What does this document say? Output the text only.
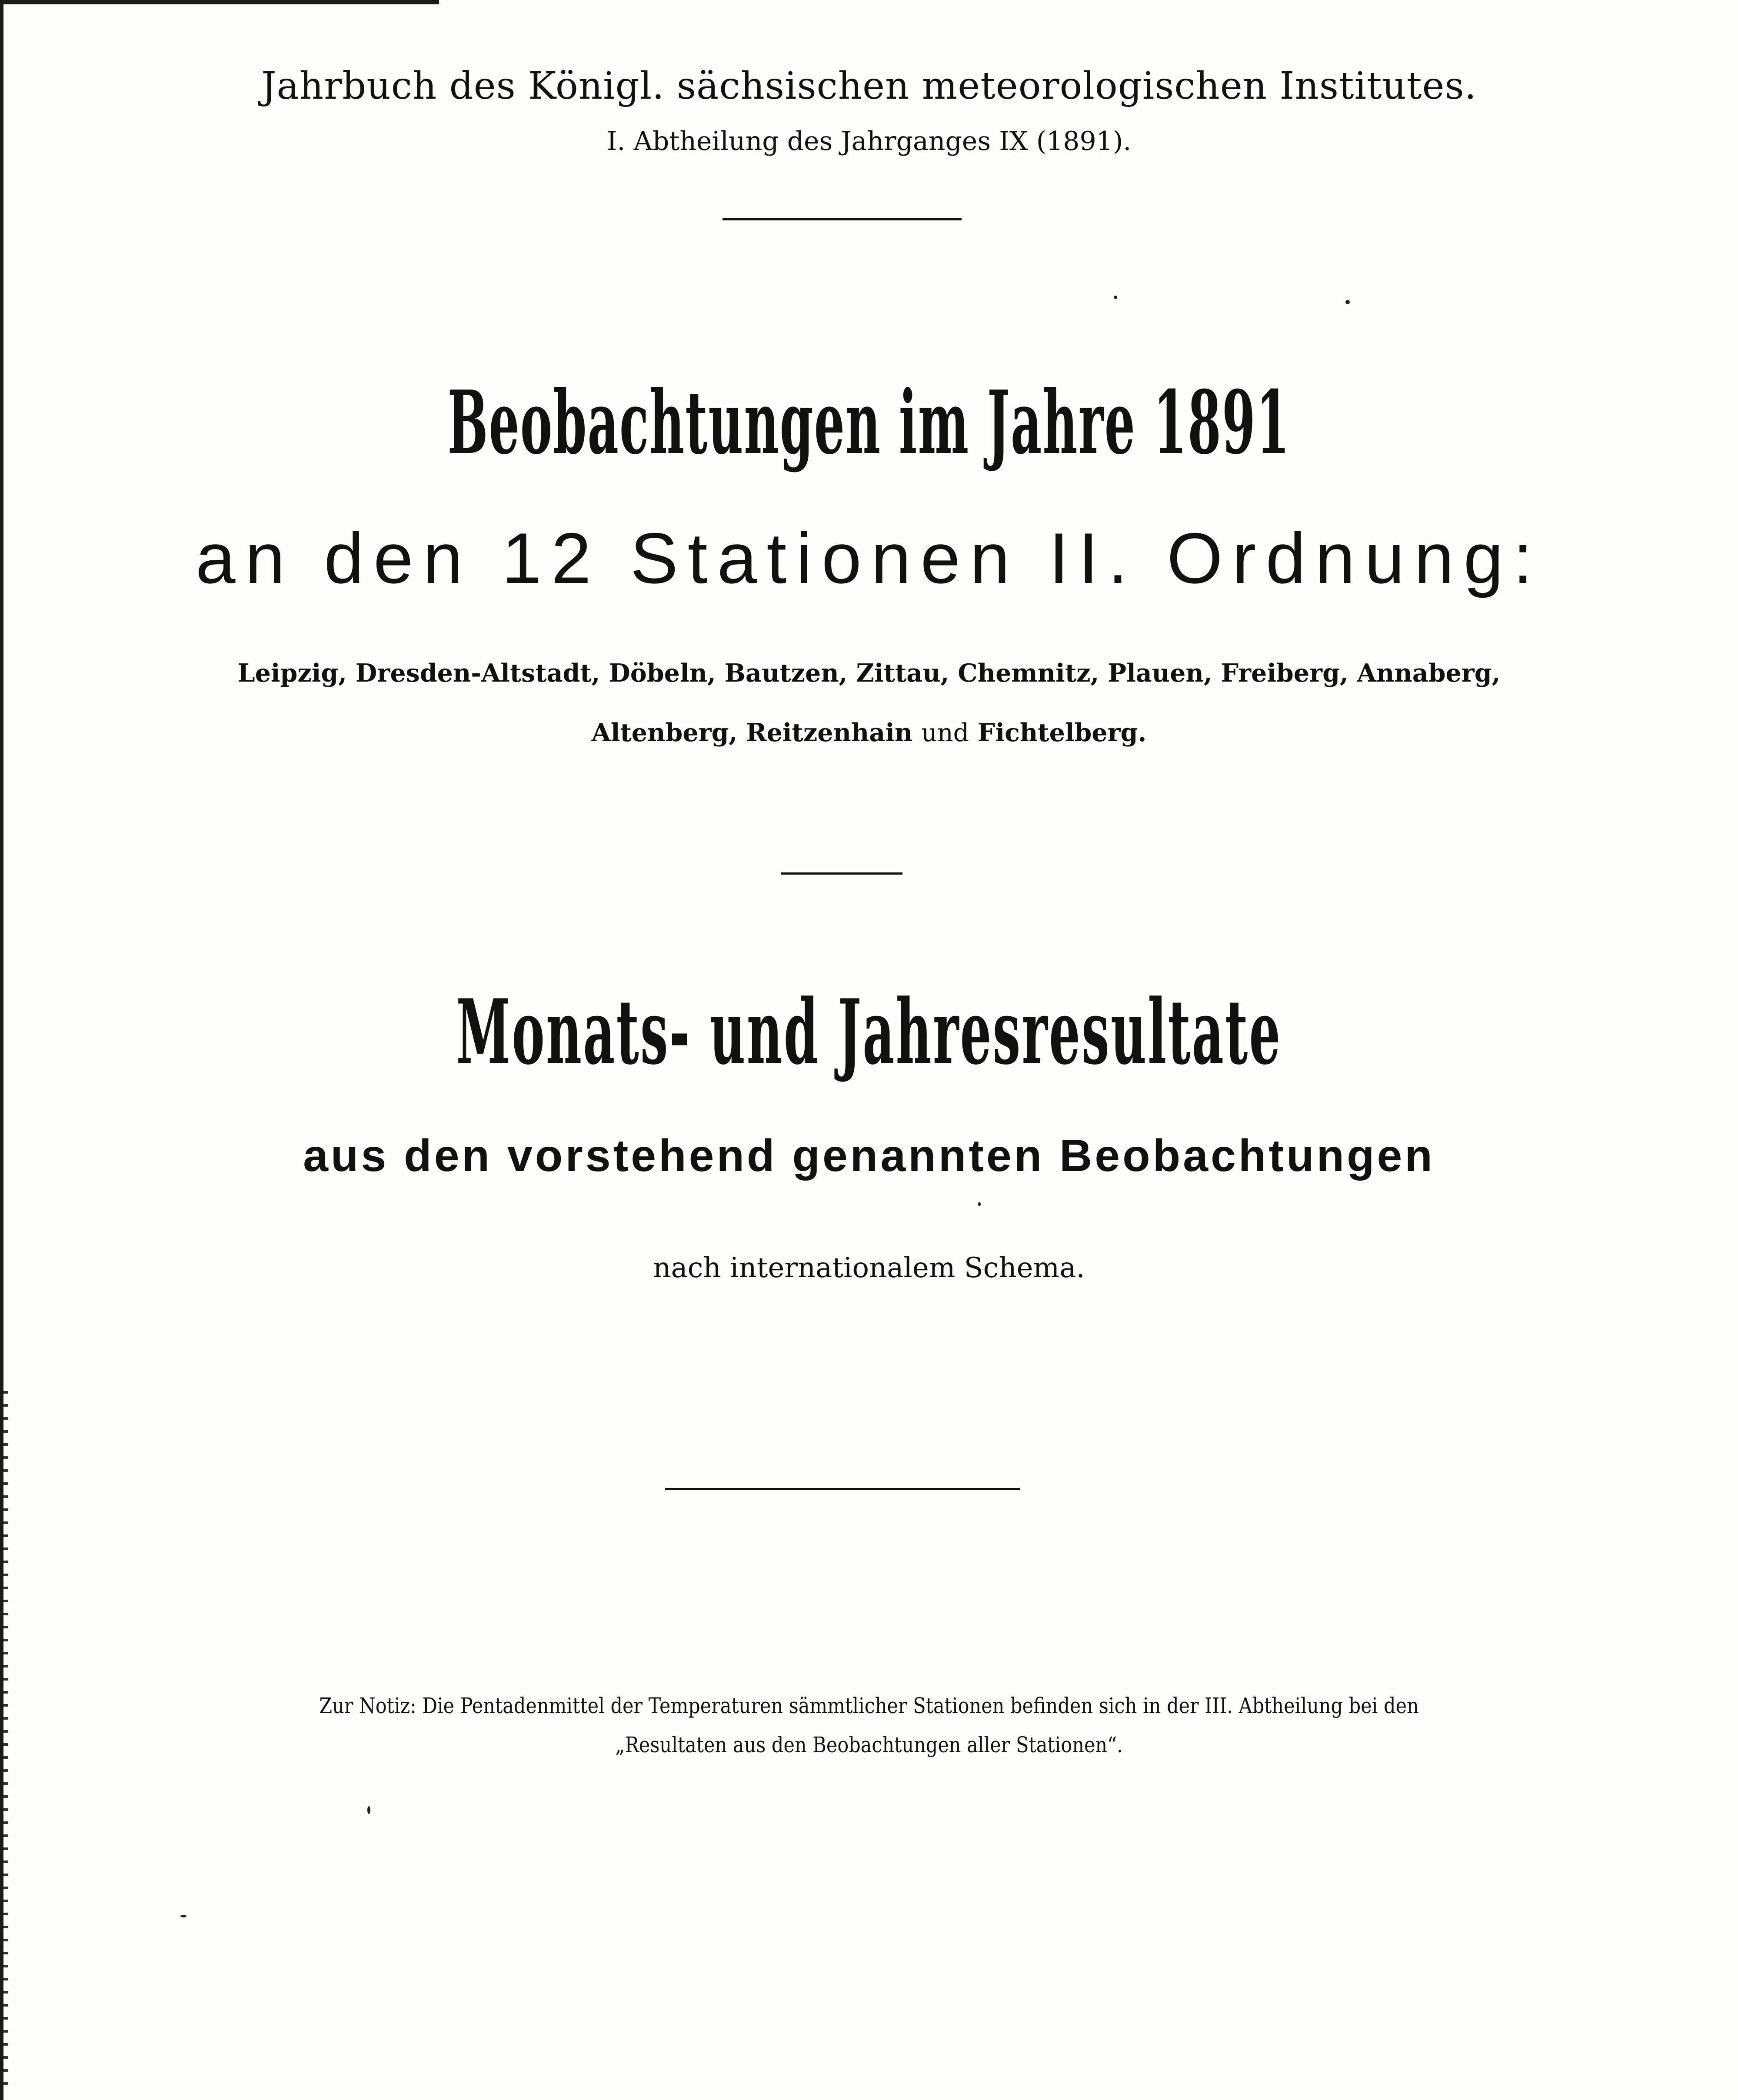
Jahrbuch des Königl. sächsischen meteorologischen Institutes.
I. Abtheilung des Jahrganges IX (1891).
Beobachtungen im Jahre 1891
an den 12 Stationen II. Ordnung:
Leipzig, Dresden-Altstadt, Döbeln, Bautzen, Zittau, Chemnitz, Plauen, Freiberg, Annaberg,
Altenberg, Reitzenhain und Fichtelberg.
Monats- und Jahresresultate
aus den vorstehend genannten Beobachtungen
nach internationalem Schema.
Zur Notiz: Die Pentadenmittel der Temperaturen sämmtlicher Stationen befinden sich in der III. Abtheilung bei den
„Resultaten aus den Beobachtungen aller Stationen“.
